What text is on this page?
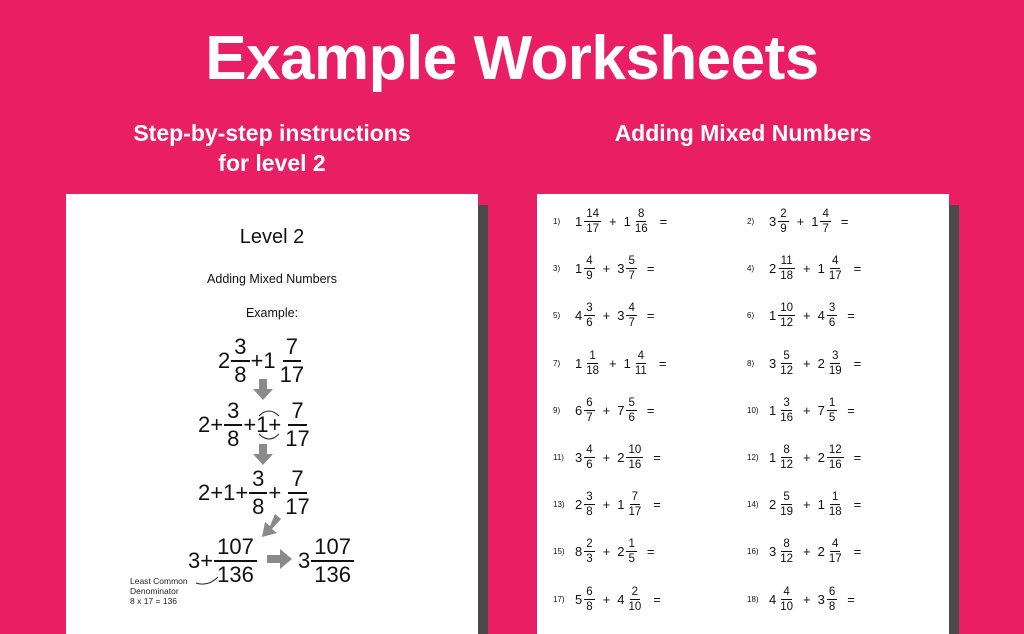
Example Worksheets
Step-by-step instructions
for level 2
Adding Mixed Numbers
Level 2
Adding Mixed Numbers
Example:
$2 \frac{3}{8} +1 \frac{7}{17}$
$2+ \frac{3}{8} +1+ \frac{7}{17}$
$2+1+ \frac{3}{8} + \frac{7}{17}$
$3+ \frac{107}{136} 3 \frac{107}{136}$
Least Common
Denominator
8 x 17 = 136
1)	$1 \frac{14}{17} + 1 \frac{8}{16}$ =	2)	$3 \frac{2}{9} + 1 \frac{4}{7}$ =
3)	$1 \frac{4}{9} + 3 \frac{5}{7}$ =	4)	$2 \frac{11}{18} + 1 \frac{4}{17}$ =
5)	$4 \frac{3}{6} + 3 \frac{4}{7}$ =	6)	$1 \frac{10}{12} + 4 \frac{3}{6}$ =
7)	$1 \frac{1}{18} + 1 \frac{4}{11}$ =	8)	$3 \frac{5}{12} + 2 \frac{3}{19}$ =
9)	$6 \frac{6}{7} + 7 \frac{5}{6}$ =	10) $1 \frac{3}{16} + 7 \frac{1}{5}$ =
11) $3 \frac{4}{6} + 2 \frac{10}{16}$ =	12) $1 \frac{8}{12} + 2 \frac{12}{16}$ =
13) $2 \frac{3}{8} + 1 \frac{7}{17}$ =	14) $2 \frac{5}{19} + 1 \frac{1}{18}$ =
15) $8 \frac{2}{3} + 2 \frac{1}{5}$ =	16) $3 \frac{8}{12} + 2 \frac{4}{17}$ =
17) $5 \frac{6}{8} + 4 \frac{2}{10}$ =	18) $4 \frac{4}{10} + 3 \frac{6}{8}$ =
